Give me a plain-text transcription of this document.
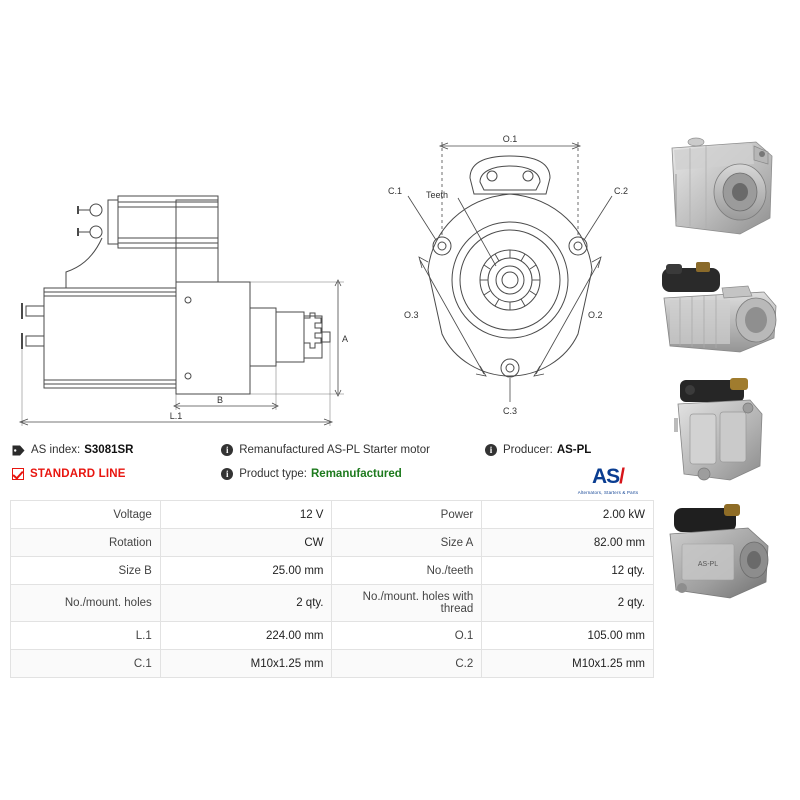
A
B
L.1
O.1
O.2
O.3
C.1	C.2
C.3
Teeth
AS-PL
AS index: S3081SR	i Remanufactured AS-PL Starter motor	i Producer: AS-PL
STANDARD LINE	i Product type: Remanufactured	AS/
Alternators, Starters & Parts
Voltage	12 V	Power	2.00 kW
Rotation	CW	Size A	82.00 mm
Size B	25.00 mm	No./teeth	12 qty.
No./mount. holes	2 qty.	No./mount. holes with thread	2 qty.
L.1	224.00 mm	O.1	105.00 mm
C.1	M10x1.25 mm	C.2	M10x1.25 mm
